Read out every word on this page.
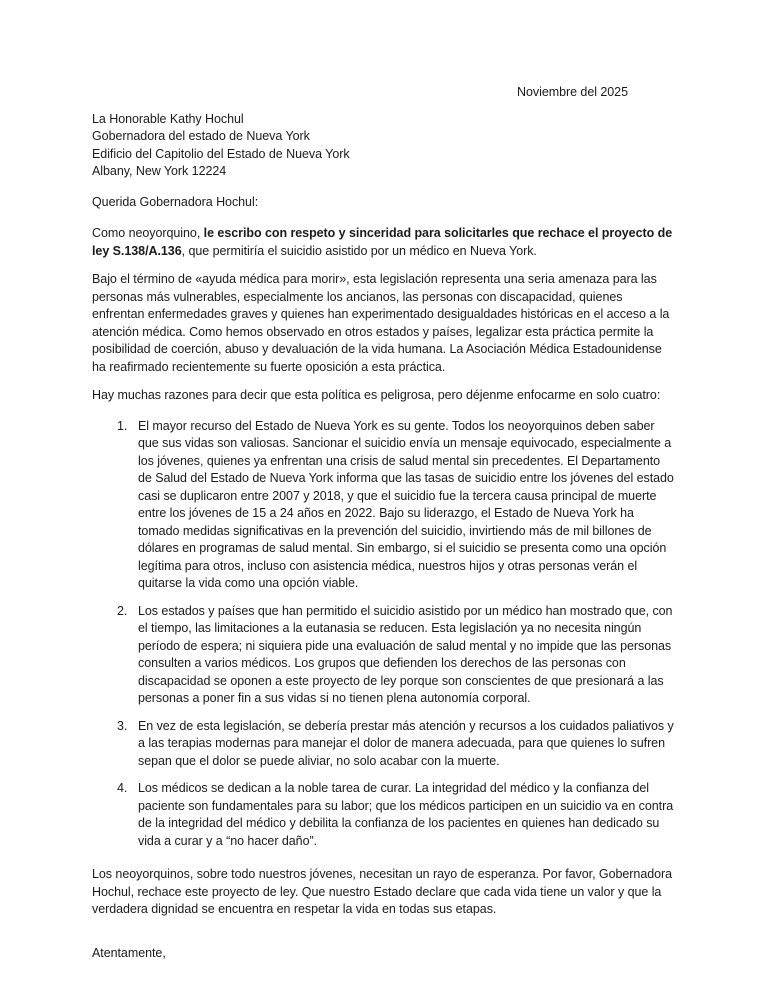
Noviembre del 2025
La Honorable Kathy Hochul
Gobernadora del estado de Nueva York
Edificio del Capitolio del Estado de Nueva York
Albany, New York 12224

Querida Gobernadora Hochul:

Como neoyorquino, le escribo con respeto y sinceridad para solicitarles que rechace el proyecto de ley S.138/A.136, que permitiría el suicidio asistido por un médico en Nueva York.

Bajo el término de «ayuda médica para morir», esta legislación representa una seria amenaza para las personas más vulnerables, especialmente los ancianos, las personas con discapacidad, quienes enfrentan enfermedades graves y quienes han experimentado desigualdades históricas en el acceso a la atención médica. Como hemos observado en otros estados y países, legalizar esta práctica permite la posibilidad de coerción, abuso y devaluación de la vida humana. La Asociación Médica Estadounidense ha reafirmado recientemente su fuerte oposición a esta práctica.

Hay muchas razones para decir que esta política es peligrosa, pero déjenme enfocarme en solo cuatro:

El mayor recurso del Estado de Nueva York es su gente. Todos los neoyorquinos deben saber que sus vidas son valiosas. Sancionar el suicidio envía un mensaje equivocado, especialmente a los jóvenes, quienes ya enfrentan una crisis de salud mental sin precedentes. El Departamento de Salud del Estado de Nueva York informa que las tasas de suicidio entre los jóvenes del estado casi se duplicaron entre 2007 y 2018, y que el suicidio fue la tercera causa principal de muerte entre los jóvenes de 15 a 24 años en 2022. Bajo su liderazgo, el Estado de Nueva York ha tomado medidas significativas en la prevención del suicidio, invirtiendo más de mil billones de dólares en programas de salud mental. Sin embargo, si el suicidio se presenta como una opción legítima para otros, incluso con asistencia médica, nuestros hijos y otras personas verán el quitarse la vida como una opción viable.
Los estados y países que han permitido el suicidio asistido por un médico han mostrado que, con el tiempo, las limitaciones a la eutanasia se reducen. Esta legislación ya no necesita ningún período de espera; ni siquiera pide una evaluación de salud mental y no impide que las personas consulten a varios médicos. Los grupos que defienden los derechos de las personas con discapacidad se oponen a este proyecto de ley porque son conscientes de que presionará a las personas a poner fin a sus vidas si no tienen plena autonomía corporal.
En vez de esta legislación, se debería prestar más atención y recursos a los cuidados paliativos y a las terapias modernas para manejar el dolor de manera adecuada, para que quienes lo sufren sepan que el dolor se puede aliviar, no solo acabar con la muerte.
Los médicos se dedican a la noble tarea de curar. La integridad del médico y la confianza del paciente son fundamentales para su labor; que los médicos participen en un suicidio va en contra de la integridad del médico y debilita la confianza de los pacientes en quienes han dedicado su vida a curar y a “no hacer daño”.

Los neoyorquinos, sobre todo nuestros jóvenes, necesitan un rayo de esperanza. Por favor, Gobernadora Hochul, rechace este proyecto de ley. Que nuestro Estado declare que cada vida tiene un valor y que la verdadera dignidad se encuentra en respetar la vida en todas sus etapas.

Atentamente,
